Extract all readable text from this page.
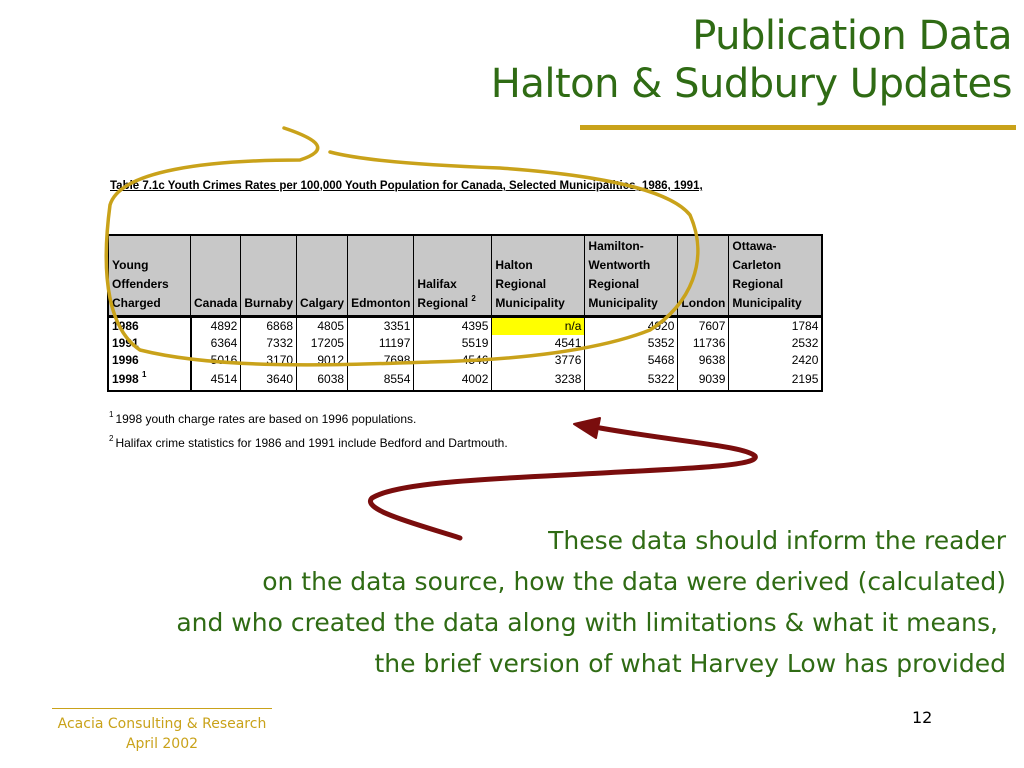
Publication Data
Halton & Sudbury Updates
Table 7.1c Youth Crimes Rates per 100,000 Youth Population for Canada, Selected Municipalities, 1986, 1991,
Young Offenders Charged	Canada	Burnaby	Calgary	Edmonton	Halifax Regional $^2$	Halton Regional Municipality	Hamilton-Wentworth Regional Municipality	London	Ottawa-Carleton Regional Municipality
1986	4892	6868	4805	3351	4395	n/a	4920	7607	1784
1991	6364	7332	17205	11197	5519	4541	5352	11736	2532
1996	5016	3170	9012	7698	4546	3776	5468	9638	2420
1998 $^1$	4514	3640	6038	8554	4002	3238	5322	9039	2195
$^1$ 1998 youth charge rates are based on 1996 populations.
$^2$ Halifax crime statistics for 1986 and 1991 include Bedford and Dartmouth.
These data should inform the reader
on the data source, how the data were derived (calculated)
and who created the data along with limitations & what it means,
the brief version of what Harvey Low has provided
Acacia Consulting & Research
April 2002
12
